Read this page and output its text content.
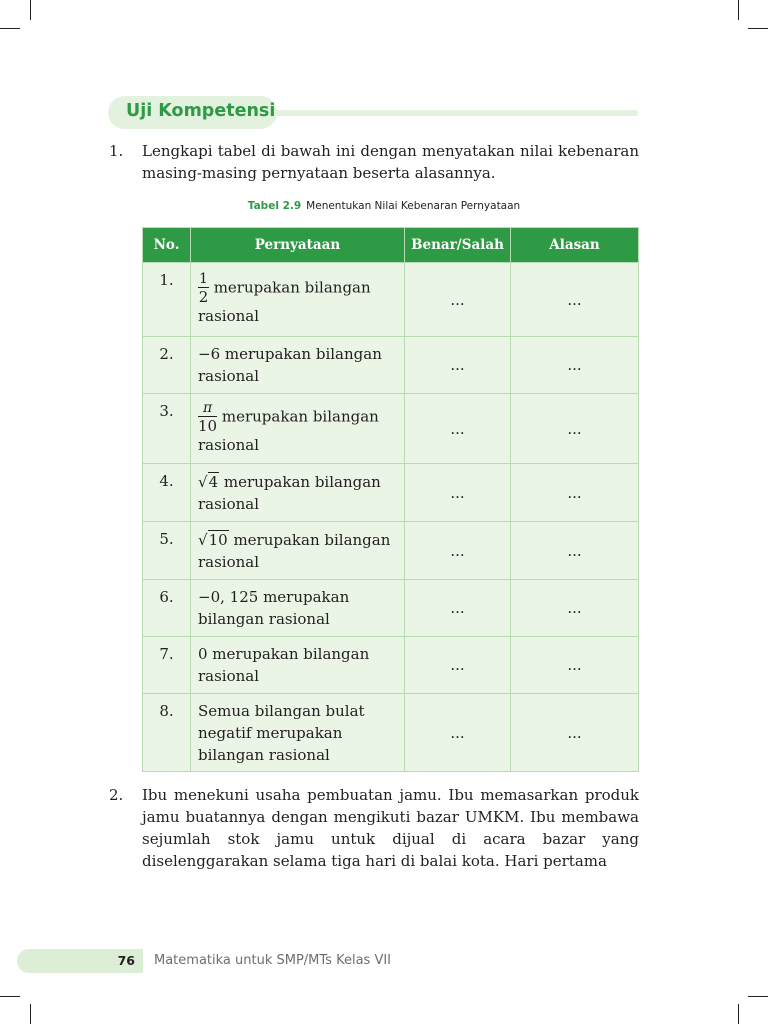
Uji Kompetensi
1.	Lengkapi tabel di bawah ini dengan menyatakan nilai kebenaran masing-masing pernyataan beserta alasannya.
Tabel 2.9 Menentukan Nilai Kebenaran Pernyataan
No.	Pernyataan	Benar/Salah	Alasan
1.	$\frac{1}{2}$ merupakan bilangan rasional	...	...
2.	−6 merupakan bilangan rasional	...	...
3.	$\frac{\pi}{10}$ merupakan bilangan rasional	...	...
4.	√4 merupakan bilangan rasional	...	...
5.	√10 merupakan bilangan rasional	...	...
6.	−0, 125 merupakan bilangan rasional	...	...
7.	0 merupakan bilangan rasional	...	...
8.	Semua bilangan bulat negatif merupakan bilangan rasional	...	...
2.	Ibu menekuni usaha pembuatan jamu. Ibu memasarkan produk jamu buatannya dengan mengikuti bazar UMKM. Ibu membawa sejumlah stok jamu untuk dijual di acara bazar yang diselenggarakan selama tiga hari di balai kota. Hari pertama
76 Matematika untuk SMP/MTs Kelas VII
